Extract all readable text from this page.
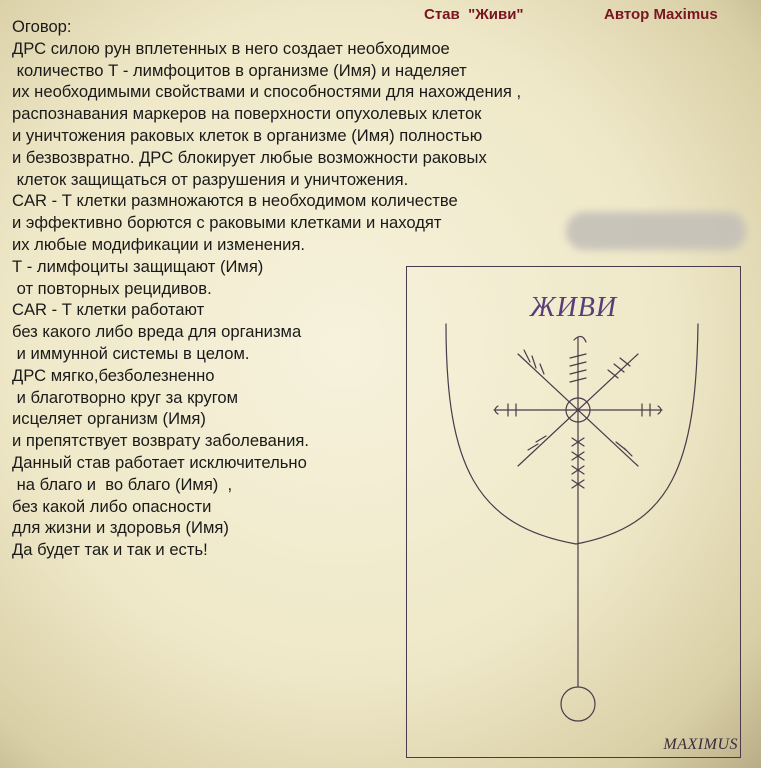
Став  "Живи"	Автор Maximus
Оговор:
ДРС силою рун вплетенных в него создает необходимое
количество Т - лимфоцитов в организме (Имя) и наделяет
их необходимыми свойствами и способностями для нахождения ,
распознавания маркеров на поверхности опухолевых клеток
и уничтожения раковых клеток в организме (Имя) полностью
и безвозвратно. ДРС блокирует любые возможности раковых
клеток защищаться от разрушения и уничтожения.
CAR - Т клетки размножаются в необходимом количестве
и эффективно борются с раковыми клетками и находят
их любые модификации и изменения.
Т - лимфоциты защищают (Имя)
от повторных рецидивов.
CAR - Т клетки работают
без какого либо вреда для организма
и иммунной системы в целом.
ДРС мягко,безболезненно
и благотворно круг за кругом
исцеляет организм (Имя)
и препятствует возврату заболевания.
Данный став работает исключительно
на благо и  во благо (Имя)  ,
без какой либо опасности
для жизни и здоровья (Имя)
Да будет так и так и есть!
ЖИВИ
MAXIMUS
